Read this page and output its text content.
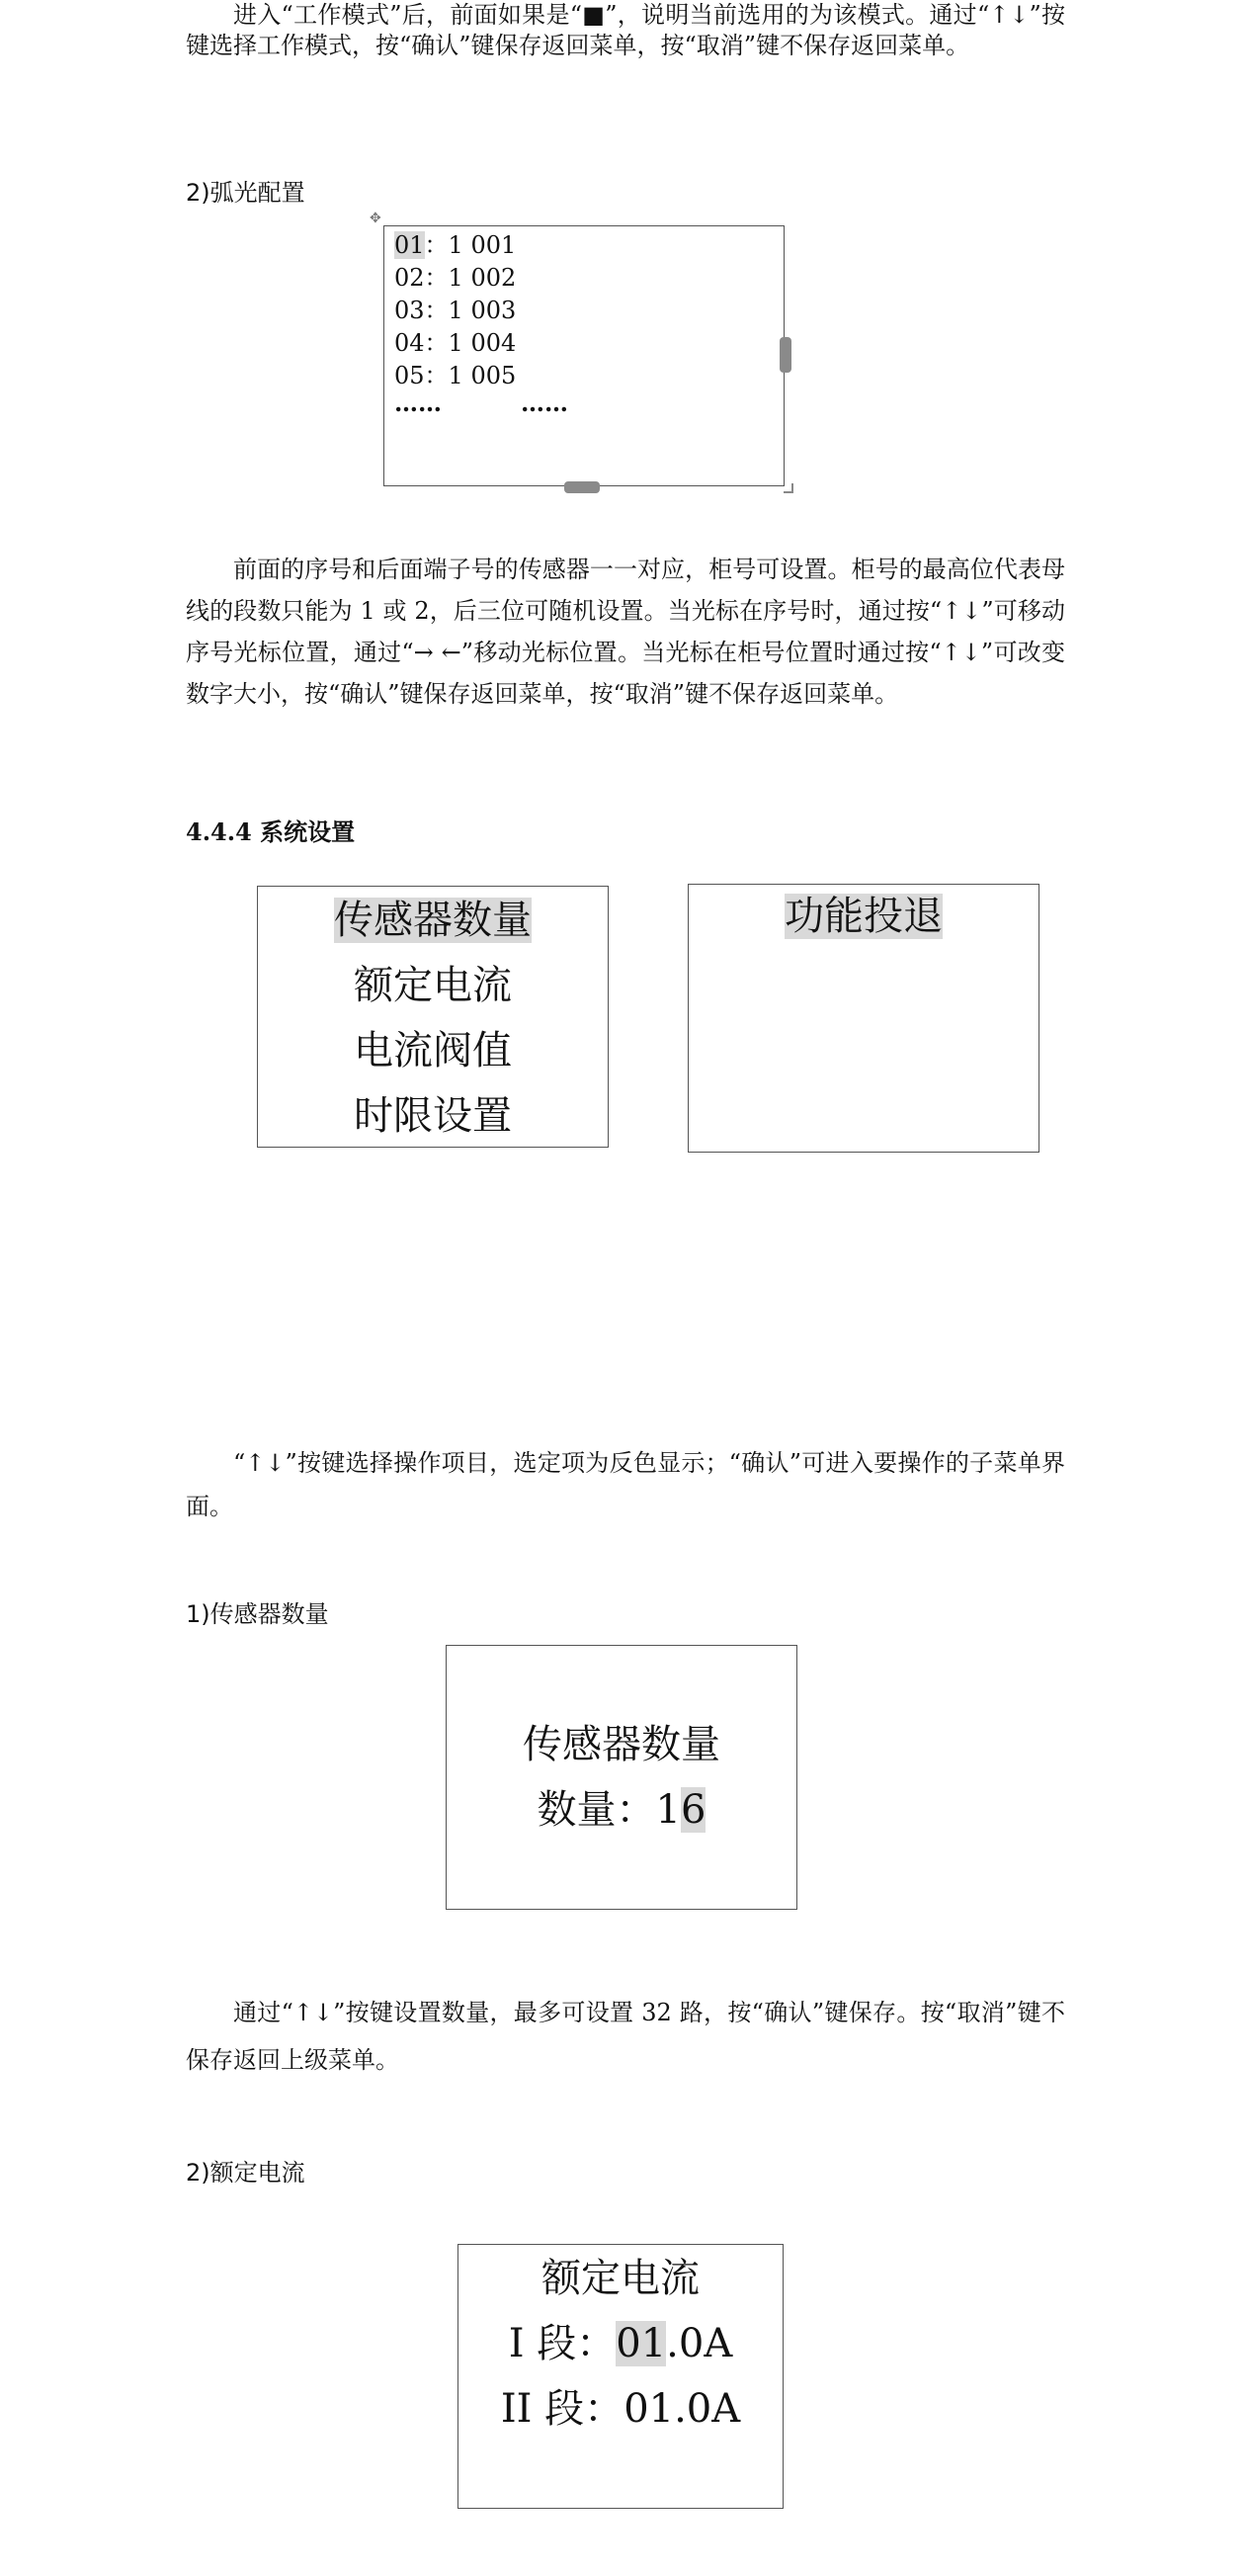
进入“工作模式”后，前面如果是“■”，说明当前选用的为该模式。通过“↑↓”按键选择工作模式，按“确认”键保存返回菜单，按“取消”键不保存返回菜单。

2)弧光配置
✥
01：1 001
02：1 002
03：1 003
04：1 004
05：1 005
……	……

前面的序号和后面端子号的传感器一一对应，柜号可设置。柜号的最高位代表母线的段数只能为 1 或 2，后三位可随机设置。当光标在序号时，通过按“↑↓”可移动序号光标位置，通过“→ ←”移动光标位置。当光标在柜号位置时通过按“↑↓”可改变数字大小，按“确认”键保存返回菜单，按“取消”键不保存返回菜单。

4.4.4 系统设置
传感器数量
额定电流
电流阀值
时限设置
功能投退

“↑↓”按键选择操作项目，选定项为反色显示；“确认”可进入要操作的子菜单界面。

1)传感器数量
传感器数量
数量：16

通过“↑↓”按键设置数量，最多可设置 32 路，按“确认”键保存。按“取消”键不保存返回上级菜单。

2)额定电流
额定电流
I 段：01.0A
II 段：01.0A
